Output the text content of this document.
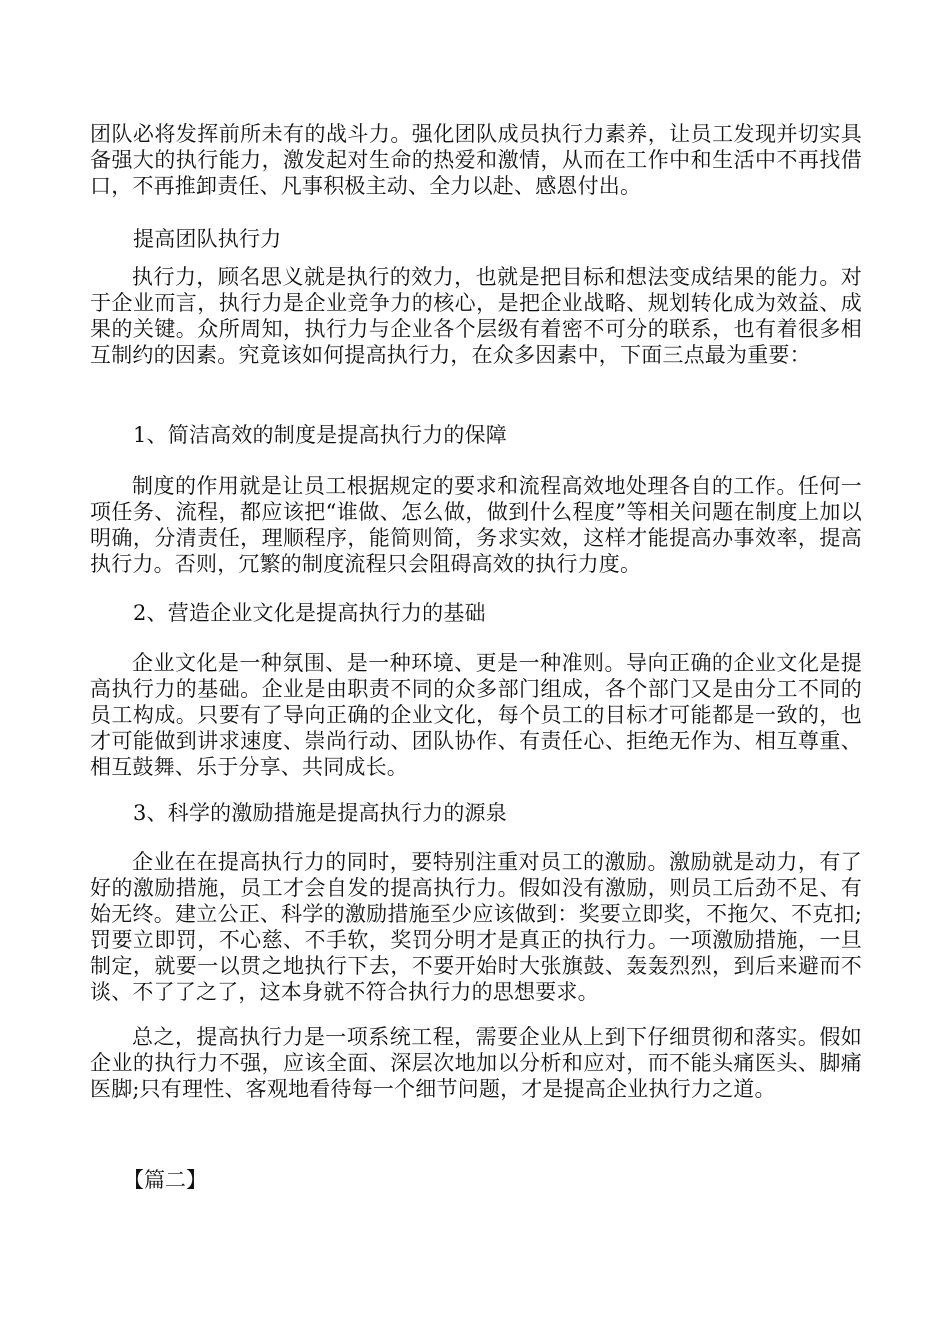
团队必将发挥前所未有的战斗力。强化团队成员执行力素养，让员工发现并切实具备强大的执行能力，激发起对生命的热爱和激情，从而在工作中和生活中不再找借口，不再推卸责任、凡事积极主动、全力以赴、感恩付出。

提高团队执行力

执行力，顾名思义就是执行的效力，也就是把目标和想法变成结果的能力。对于企业而言，执行力是企业竞争力的核心，是把企业战略、规划转化成为效益、成果的关键。众所周知，执行力与企业各个层级有着密不可分的联系，也有着很多相互制约的因素。究竟该如何提高执行力，在众多因素中，下面三点最为重要：

1、简洁高效的制度是提高执行力的保障

制度的作用就是让员工根据规定的要求和流程高效地处理各自的工作。任何一项任务、流程，都应该把“谁做、怎么做，做到什么程度”等相关问题在制度上加以明确，分清责任，理顺程序，能简则简，务求实效，这样才能提高办事效率，提高执行力。否则，冗繁的制度流程只会阻碍高效的执行力度。

2、营造企业文化是提高执行力的基础

企业文化是一种氛围、是一种环境、更是一种准则。导向正确的企业文化是提高执行力的基础。企业是由职责不同的众多部门组成，各个部门又是由分工不同的员工构成。只要有了导向正确的企业文化，每个员工的目标才可能都是一致的，也才可能做到讲求速度、崇尚行动、团队协作、有责任心、拒绝无作为、相互尊重、相互鼓舞、乐于分享、共同成长。

3、科学的激励措施是提高执行力的源泉

企业在在提高执行力的同时，要特别注重对员工的激励。激励就是动力，有了好的激励措施，员工才会自发的提高执行力。假如没有激励，则员工后劲不足、有始无终。建立公正、科学的激励措施至少应该做到：奖要立即奖，不拖欠、不克扣;罚要立即罚，不心慈、不手软，奖罚分明才是真正的执行力。一项激励措施，一旦制定，就要一以贯之地执行下去，不要开始时大张旗鼓、轰轰烈烈，到后来避而不谈、不了了之了，这本身就不符合执行力的思想要求。

总之，提高执行力是一项系统工程，需要企业从上到下仔细贯彻和落实。假如企业的执行力不强，应该全面、深层次地加以分析和应对，而不能头痛医头、脚痛医脚;只有理性、客观地看待每一个细节问题，才是提高企业执行力之道。

【篇二】
